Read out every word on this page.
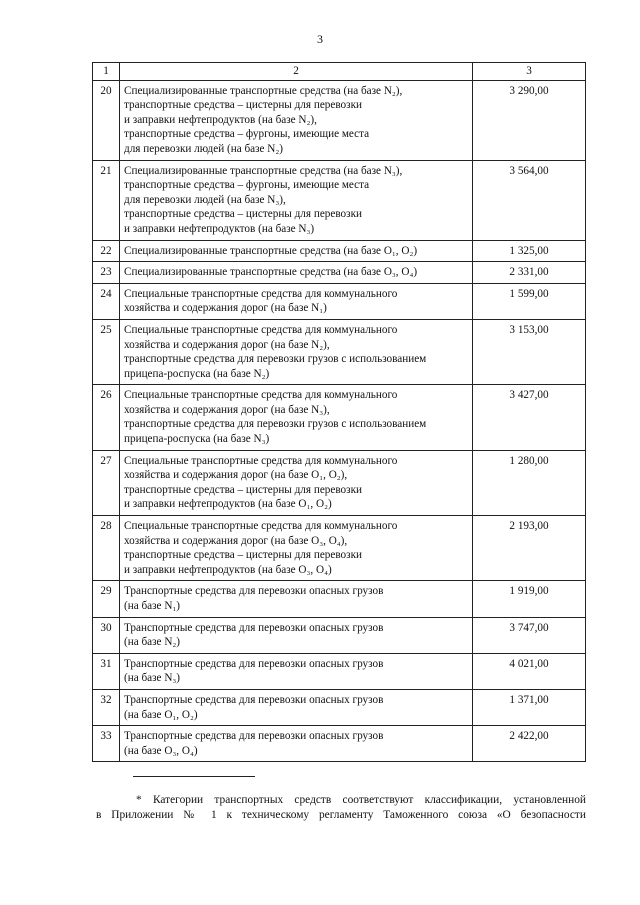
3
1	2	3
20	Специализированные транспортные средства (на базе N₂),
транспортные средства – цистерны для перевозки
и заправки нефтепродуктов (на базе N₂),
транспортные средства – фургоны, имеющие места
для перевозки людей (на базе N₂)	3 290,00
21	Специализированные транспортные средства (на базе N₃),
транспортные средства – фургоны, имеющие места
для перевозки людей (на базе N₃),
транспортные средства – цистерны для перевозки
и заправки нефтепродуктов (на базе N₃)	3 564,00
22	Специализированные транспортные средства (на базе O₁, O₂)	1 325,00
23	Специализированные транспортные средства (на базе O₃, O₄)	2 331,00
24	Специальные транспортные средства для коммунального
хозяйства и содержания дорог (на базе N₁)	1 599,00
25	Специальные транспортные средства для коммунального
хозяйства и содержания дорог (на базе N₂),
транспортные средства для перевозки грузов с использованием
прицепа-роспуска (на базе N₂)	3 153,00
26	Специальные транспортные средства для коммунального
хозяйства и содержания дорог (на базе N₃),
транспортные средства для перевозки грузов с использованием
прицепа-роспуска (на базе N₃)	3 427,00
27	Специальные транспортные средства для коммунального
хозяйства и содержания дорог (на базе O₁, O₂),
транспортные средства – цистерны для перевозки
и заправки нефтепродуктов (на базе O₁, O₂)	1 280,00
28	Специальные транспортные средства для коммунального
хозяйства и содержания дорог (на базе O₃, O₄),
транспортные средства – цистерны для перевозки
и заправки нефтепродуктов (на базе O₃, O₄)	2 193,00
29	Транспортные средства для перевозки опасных грузов
(на базе N₁)	1 919,00
30	Транспортные средства для перевозки опасных грузов
(на базе N₂)	3 747,00
31	Транспортные средства для перевозки опасных грузов
(на базе N₃)	4 021,00
32	Транспортные средства для перевозки опасных грузов
(на базе O₁, O₂)	1 371,00
33	Транспортные средства для перевозки опасных грузов
(на базе O₃, O₄)	2 422,00
* Категории транспортных средств соответствуют классификации, установленной
в Приложении № 1 к техническому регламенту Таможенного союза «О безопасности
